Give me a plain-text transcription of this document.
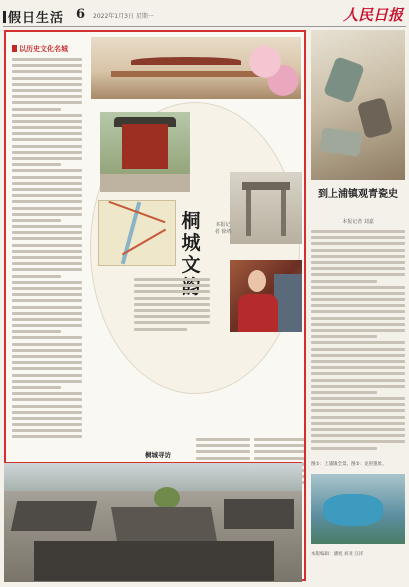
假日生活 6 2022年1月3日 星期一	人民日报
以历史文化名城
桐城文
本报记者 徐靖
桐城寻访
到上浦镇观青瓷史
本报记者 刘嘉
图①：上浦镇全景。图②：龙窑遗址。
本版编辑：潘旭 刘亚 汪洋
